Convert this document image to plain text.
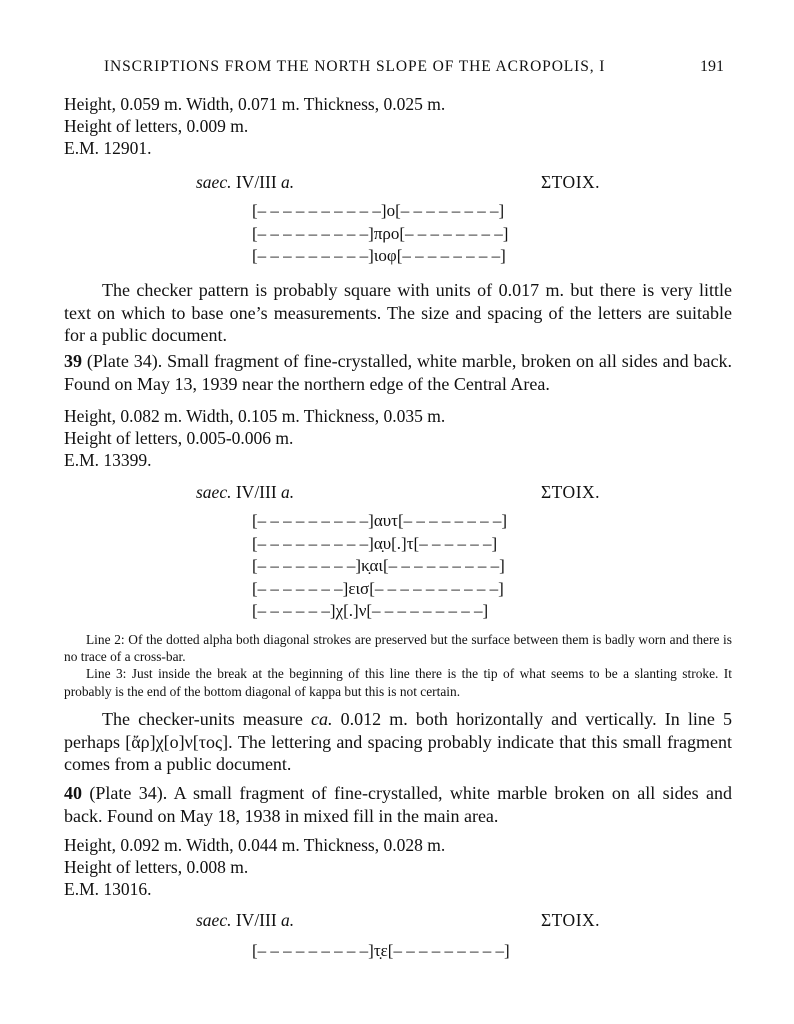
INSCRIPTIONS FROM THE NORTH SLOPE OF THE ACROPOLIS, I	191
Height, 0.059 m. Width, 0.071 m. Thickness, 0.025 m.
Height of letters, 0.009 m.
E.M. 12901.
saec. IV/III a.	ΣΤΟΙΧ.
[– – – – – – – – – –]ο[– – – – – – – –]
[– – – – – – – – –]προ[– – – – – – – –]
[– – – – – – – – –]ιοφ[– – – – – – – –]
The checker pattern is probably square with units of 0.017 m. but there is very little text on which to base one’s measurements. The size and spacing of the letters are suitable for a public document.
39 (Plate 34). Small fragment of fine-crystalled, white marble, broken on all sides and back. Found on May 13, 1939 near the northern edge of the Central Area.
Height, 0.082 m. Width, 0.105 m. Thickness, 0.035 m.
Height of letters, 0.005-0.006 m.
E.M. 13399.
saec. IV/III a.	ΣΤΟΙΧ.
[– – – – – – – – –]αυτ[– – – – – – – –]
[– – – – – – – – –]α̣υ[.]τ[– – – – – –]
[– – – – – – – –]κ̣αι[– – – – – – – – –]
[– – – – – – –]εισ[– – – – – – – – – –]
[– – – – – –]χ[.]ν[– – – – – – – – –]

Line 2: Of the dotted alpha both diagonal strokes are preserved but the surface between them is badly worn and there is no trace of a cross-bar.

Line 3: Just inside the break at the beginning of this line there is the tip of what seems to be a slanting stroke. It probably is the end of the bottom diagonal of kappa but this is not certain.

The checker-units measure ca. 0.012 m. both horizontally and vertically. In line 5 perhaps [ἄρ]χ[ο]ν[τος]. The lettering and spacing probably indicate that this small fragment comes from a public document.
40 (Plate 34). A small fragment of fine-crystalled, white marble broken on all sides and back. Found on May 18, 1938 in mixed fill in the main area.
Height, 0.092 m. Width, 0.044 m. Thickness, 0.028 m.
Height of letters, 0.008 m.
E.M. 13016.
saec. IV/III a.	ΣΤΟΙΧ.
[– – – – – – – – –]τ̣ε[– – – – – – – – –]
